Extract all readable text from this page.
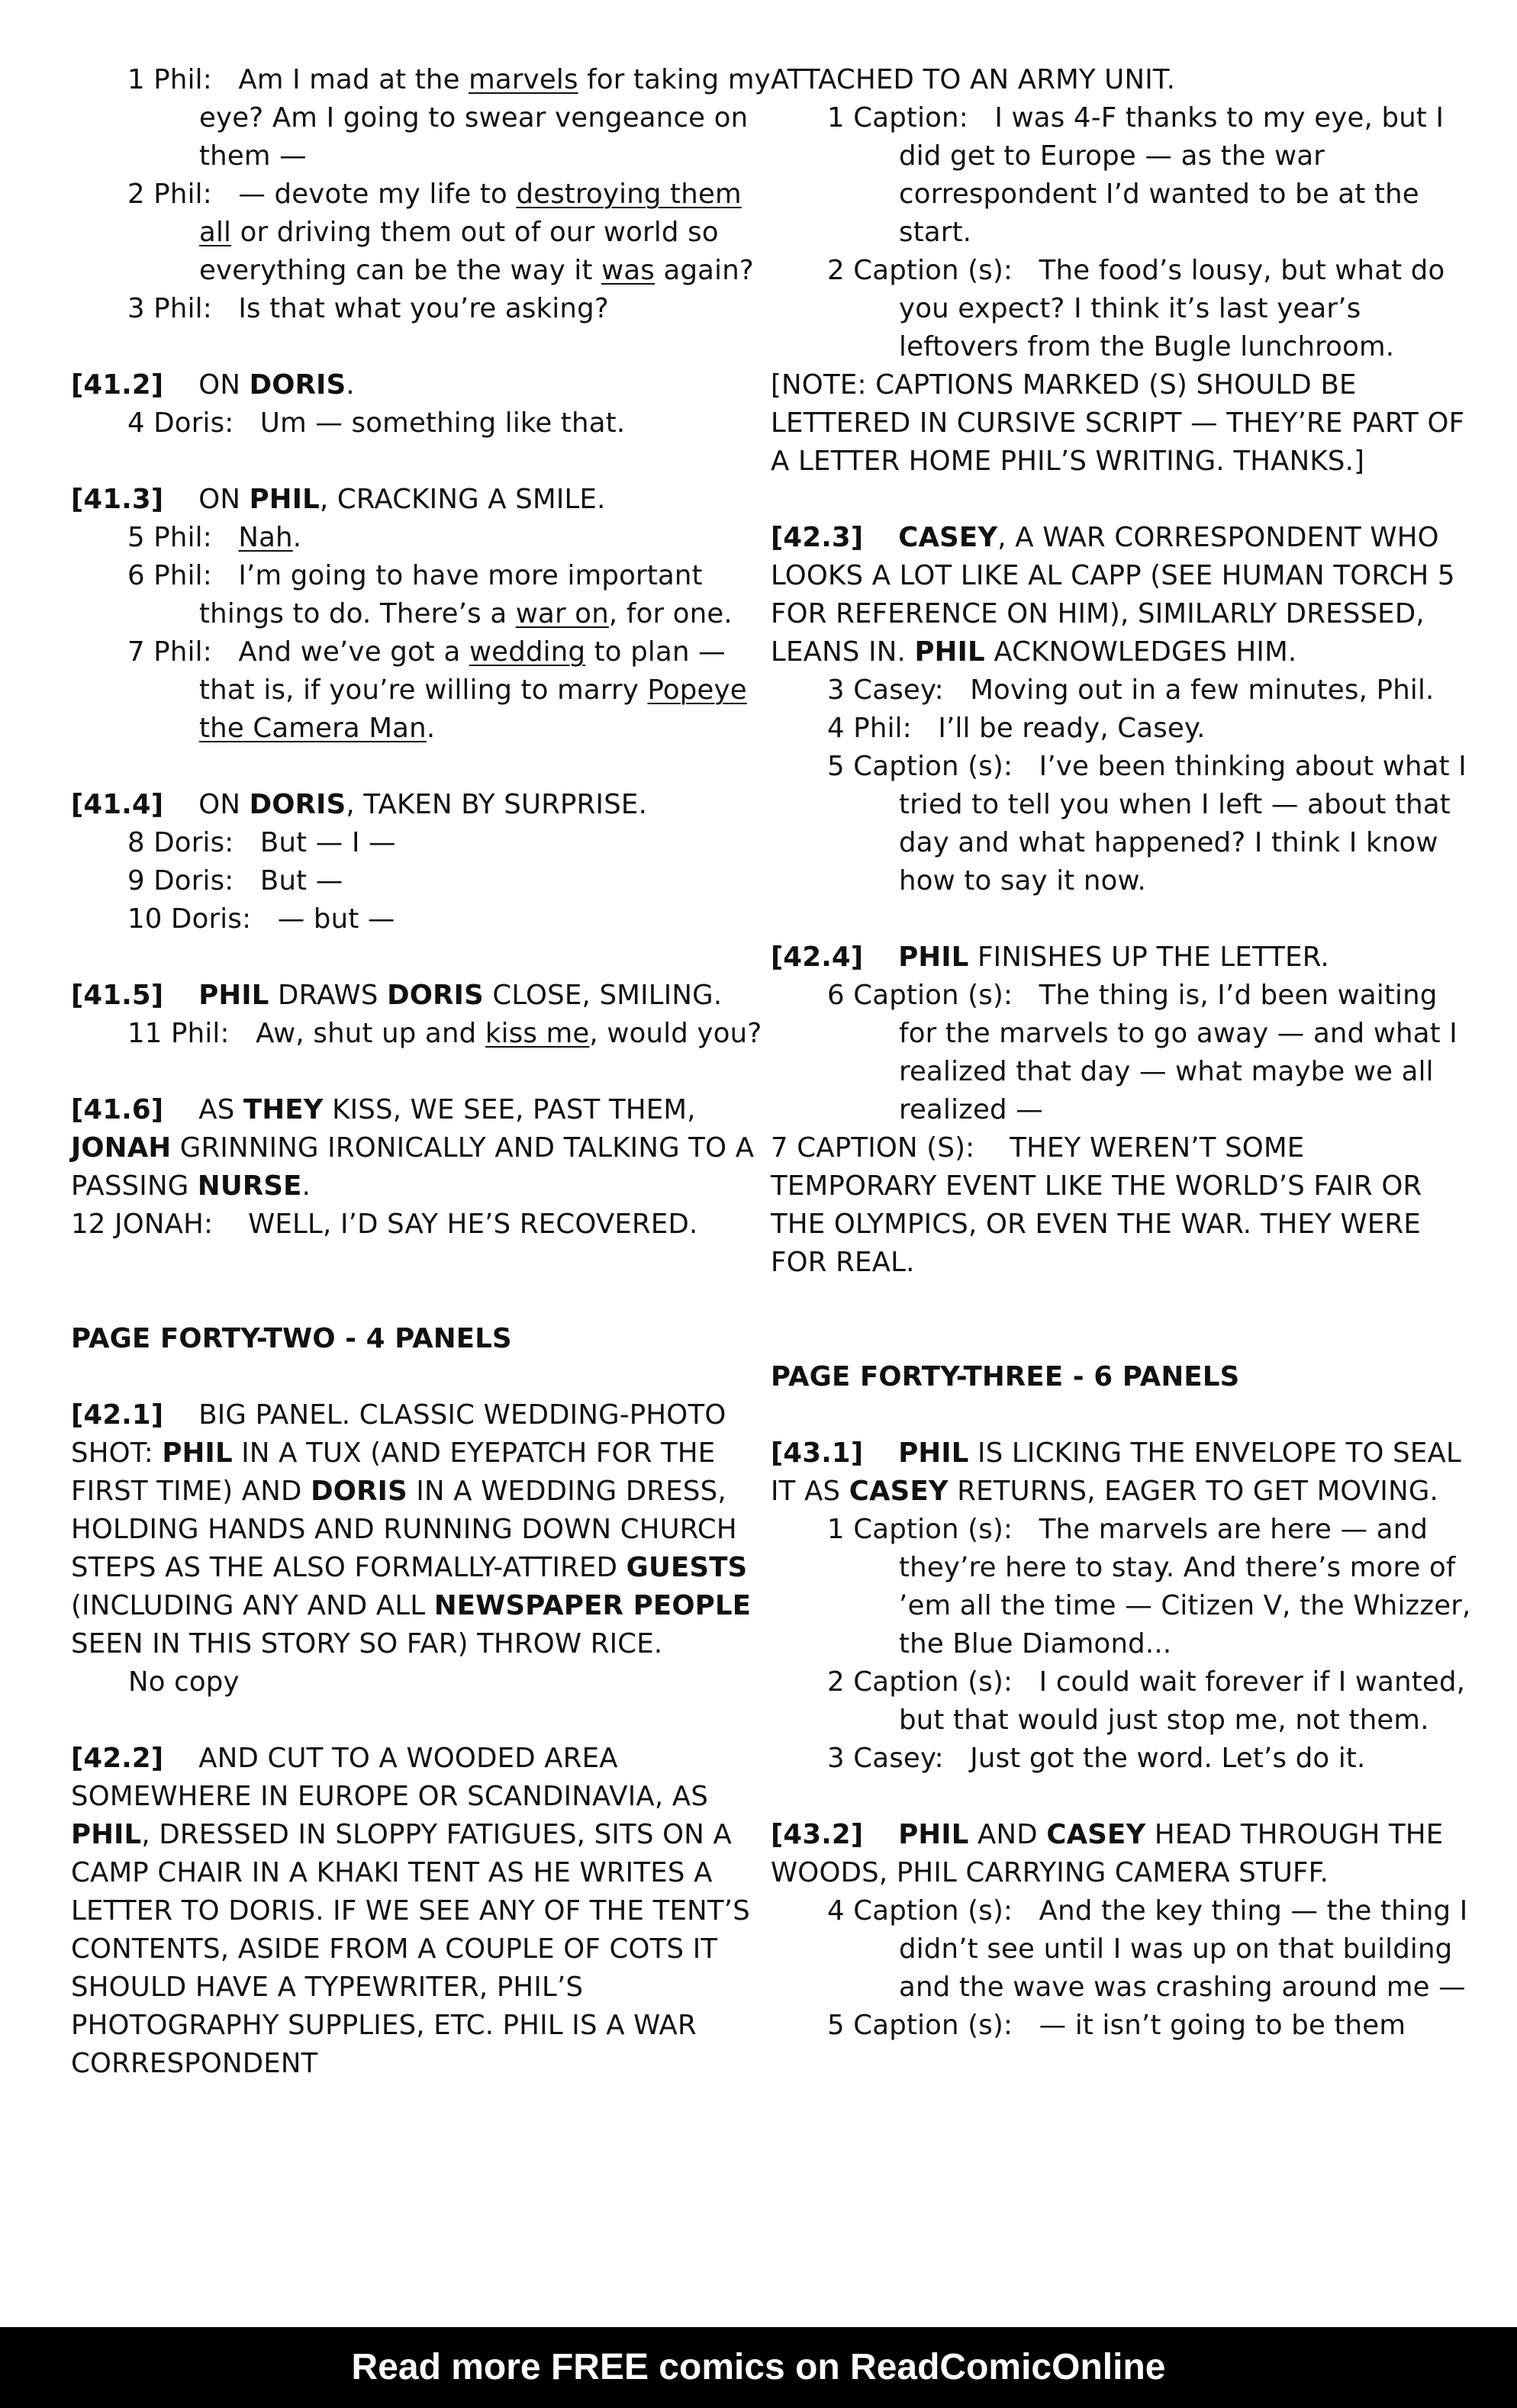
1 Phil: Am I mad at the marvels for taking my eye? Am I going to swear vengeance on them —

2 Phil: — devote my life to destroying them all or driving them out of our world so everything can be the way it was again?

3 Phil: Is that what you’re asking?

[41.2] ON DORIS.

4 Doris: Um — something like that.

[41.3] ON PHIL, CRACKING A SMILE.

5 Phil: Nah.

6 Phil: I’m going to have more important things to do. There’s a war on, for one.

7 Phil: And we’ve got a wedding to plan — that is, if you’re willing to marry Popeye the Camera Man.

[41.4] ON DORIS, TAKEN BY SURPRISE.

8 Doris: But — I —

9 Doris: But —

10 Doris: — but —

[41.5] PHIL DRAWS DORIS CLOSE, SMILING.

11 Phil: Aw, shut up and kiss me, would you?

[41.6] AS THEY KISS, WE SEE, PAST THEM, JONAH GRINNING IRONICALLY AND TALKING TO A PASSING NURSE.

12 JONAH: WELL, I’D SAY HE’S RECOVERED.

PAGE FORTY-TWO - 4 PANELS

[42.1] BIG PANEL. CLASSIC WEDDING-PHOTO SHOT: PHIL IN A TUX (AND EYEPATCH FOR THE FIRST TIME) AND DORIS IN A WEDDING DRESS, HOLDING HANDS AND RUNNING DOWN CHURCH STEPS AS THE ALSO FORMALLY-ATTIRED GUESTS (INCLUDING ANY AND ALL NEWSPAPER PEOPLE SEEN IN THIS STORY SO FAR) THROW RICE.

No copy

[42.2] AND CUT TO A WOODED AREA SOMEWHERE IN EUROPE OR SCANDINAVIA, AS PHIL, DRESSED IN SLOPPY FATIGUES, SITS ON A CAMP CHAIR IN A KHAKI TENT AS HE WRITES A LETTER TO DORIS. IF WE SEE ANY OF THE TENT’S CONTENTS, ASIDE FROM A COUPLE OF COTS IT SHOULD HAVE A TYPEWRITER, PHIL’S PHOTOGRAPHY SUPPLIES, ETC. PHIL IS A WAR CORRESPONDENT

ATTACHED TO AN ARMY UNIT.

1 Caption: I was 4-F thanks to my eye, but I did get to Europe — as the war correspondent I’d wanted to be at the start.

2 Caption (s): The food’s lousy, but what do you expect? I think it’s last year’s leftovers from the Bugle lunchroom.

[NOTE: CAPTIONS MARKED (S) SHOULD BE LETTERED IN CURSIVE SCRIPT — THEY’RE PART OF A LETTER HOME PHIL’S WRITING. THANKS.]

[42.3] CASEY, A WAR CORRESPONDENT WHO LOOKS A LOT LIKE AL CAPP (SEE HUMAN TORCH 5 FOR REFERENCE ON HIM), SIMILARLY DRESSED, LEANS IN. PHIL ACKNOWLEDGES HIM.

3 Casey: Moving out in a few minutes, Phil.

4 Phil: I’ll be ready, Casey.

5 Caption (s): I’ve been thinking about what I tried to tell you when I left — about that day and what happened? I think I know how to say it now.

[42.4] PHIL FINISHES UP THE LETTER.

6 Caption (s): The thing is, I’d been waiting for the marvels to go away — and what I realized that day — what maybe we all realized —

7 CAPTION (S): THEY WEREN’T SOME TEMPORARY EVENT LIKE THE WORLD’S FAIR OR THE OLYMPICS, OR EVEN THE WAR. THEY WERE FOR REAL.

PAGE FORTY-THREE - 6 PANELS

[43.1] PHIL IS LICKING THE ENVELOPE TO SEAL IT AS CASEY RETURNS, EAGER TO GET MOVING.

1 Caption (s): The marvels are here — and they’re here to stay. And there’s more of ’em all the time — Citizen V, the Whizzer, the Blue Diamond...

2 Caption (s): I could wait forever if I wanted, but that would just stop me, not them.

3 Casey: Just got the word. Let’s do it.

[43.2] PHIL AND CASEY HEAD THROUGH THE WOODS, PHIL CARRYING CAMERA STUFF.

4 Caption (s): And the key thing — the thing I didn’t see until I was up on that building and the wave was crashing around me —

5 Caption (s): — it isn’t going to be them

Read more FREE comics on ReadComicOnline
